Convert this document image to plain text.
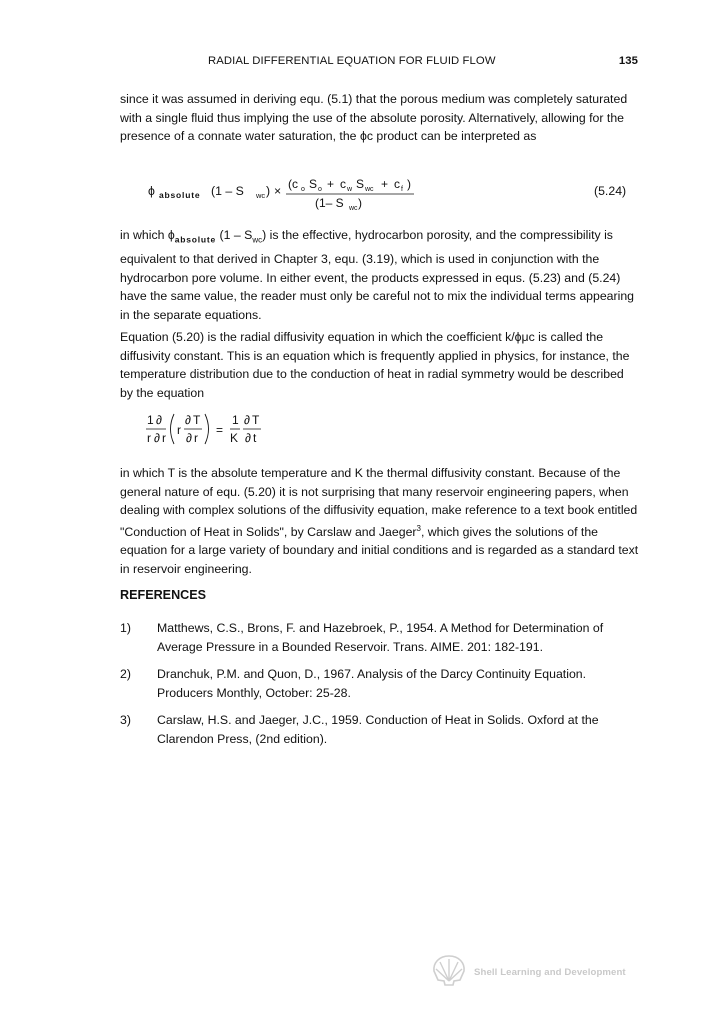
RADIAL DIFFERENTIAL EQUATION FOR FLUID FLOW	135

since it was assumed in deriving equ. (5.1) that the porous medium was completely saturated with a single fluid thus implying the use of the absolute porosity. Alternatively, allowing for the presence of a connate water saturation, the ϕc product can be interpreted as

ϕ absolute (1 – S wc ) × (c o S o + c w S wc + c f )
(1– S wc )
(5.24)

in which $\phi_{absolute}$ $(1 - S_{wc})$ is the effective, hydrocarbon porosity, and the compressibility is equivalent to that derived in Chapter 3, equ. (3.19), which is used in conjunction with the hydrocarbon pore volume. In either event, the products expressed in equs. (5.23) and (5.24) have the same value, the reader must only be careful not to mix the individual terms appearing in the separate equations.

Equation (5.20) is the radial diffusivity equation in which the coefficient k/ϕμc is called the diffusivity constant. This is an equation which is frequently applied in physics, for instance, the temperature distribution due to the conduction of heat in radial symmetry would be described by the equation

1 ∂
r ∂ r
r
∂ T
∂ r
=
1
K
∂ T
∂ t

in which T is the absolute temperature and K the thermal diffusivity constant. Because of the general nature of equ. (5.20) it is not surprising that many reservoir engineering papers, when dealing with complex solutions of the diffusivity equation, make reference to a text book entitled "Conduction of Heat in Solids", by Carslaw and Jaeger$^3$, which gives the solutions of the equation for a large variety of boundary and initial conditions and is regarded as a standard text in reservoir engineering.

REFERENCES
1) Matthews, C.S., Brons, F. and Hazebroek, P., 1954. A Method for Determination of Average Pressure in a Bounded Reservoir. Trans. AIME. 201: 182-191.
2) Dranchuk, P.M. and Quon, D., 1967. Analysis of the Darcy Continuity Equation. Producers Monthly, October: 25-28.
3) Carslaw, H.S. and Jaeger, J.C., 1959. Conduction of Heat in Solids. Oxford at the Clarendon Press, (2nd edition).
Shell Learning and Development
